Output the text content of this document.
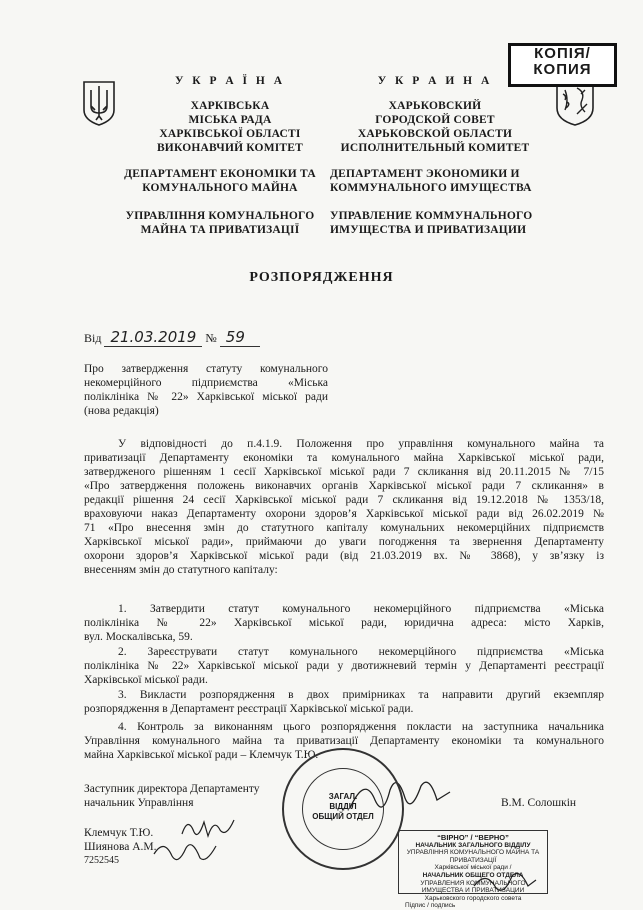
КОПІЯ/
КОПИЯ
У К Р А Ї Н А
ХАРКІВСЬКА
МІСЬКА РАДА
ХАРКІВСЬКОЇ ОБЛАСТІ
ВИКОНАВЧИЙ КОМІТЕТ
ДЕПАРТАМЕНТ ЕКОНОМІКИ ТА
КОМУНАЛЬНОГО МАЙНА
УПРАВЛІННЯ КОМУНАЛЬНОГО
МАЙНА ТА ПРИВАТИЗАЦІЇ
У К Р А И Н А
ХАРЬКОВСКИЙ
ГОРОДСКОЙ СОВЕТ
ХАРЬКОВСКОЙ ОБЛАСТИ
ИСПОЛНИТЕЛЬНЫЙ КОМИТЕТ
ДЕПАРТАМЕНТ ЭКОНОМИКИ И
КОММУНАЛЬНОГО ИМУЩЕСТВА
УПРАВЛЕНИЕ КОММУНАЛЬНОГО
ИМУЩЕСТВА И ПРИВАТИЗАЦИИ
РОЗПОРЯДЖЕННЯ
Від 21.03.2019 № 59
Про затвердження статуту комунального
некомерційного підприємства «Міська
поліклініка № 22» Харківської міської ради
(нова редакція)
У відповідності до п.4.1.9. Положення про управління комунального майна та
приватизації Департаменту економіки та комунального майна Харківської міської ради,
затвердженого рішенням 1 сесії Харківської міської ради 7 скликання від 20.11.2015 № 7/15
«Про затвердження положень виконавчих органів Харківської міської ради 7 скликання» в
редакції рішення 24 сесії Харківської міської ради 7 скликання від 19.12.2018 № 1353/18,
враховуючи наказ Департаменту охорони здоров’я Харківської міської ради від 26.02.2019 №
71 «Про внесення змін до статутного капіталу комунальних некомерційних підприємств
Харківської міської ради», приймаючи до уваги погодження та звернення Департаменту
охорони здоров’я Харківської міської ради (від 21.03.2019 вх. № 3868), у зв’язку із
внесенням змін до статутного капіталу:
1. Затвердити статут комунального некомерційного підприємства «Міська
поліклініка № 22» Харківської міської ради, юридична адреса: місто Харків,
вул. Москалівська, 59.
2. Зареєструвати статут комунального некомерційного підприємства «Міська
поліклініка № 22» Харківської міської ради у двотижневий термін у Департаменті реєстрації
Харківської міської ради.
3. Викласти розпорядження в двох примірниках та направити другий екземпляр
розпорядження в Департамент реєстрації Харківської міської ради.
4. Контроль за виконанням цього розпорядження покласти на заступника начальника
Управління комунального майна та приватизації Департаменту економіки та комунального
майна Харківської міської ради – Клемчук Т.Ю.
Заступник директора Департаменту
начальник Управління	В.М. Солошкін
Клемчук Т.Ю.
Шиянова А.М.
7252545
ЗАГАЛ.
ВІДДІЛ
ОБЩИЙ ОТДЕЛ
“ВІРНО” / “ВЕРНО”
НАЧАЛЬНИК ЗАГАЛЬНОГО ВІДДІЛУ
УПРАВЛІННЯ КОМУНАЛЬНОГО МАЙНА ТА ПРИВАТИЗАЦІЇ
Харківської міської ради /
НАЧАЛЬНИК ОБЩЕГО ОТДЕЛА
УПРАВЛЕНИЯ КОММУНАЛЬНОГО ИМУЩЕСТВА И ПРИВАТИЗАЦИИ
Харьковского городского совета
Підпис / подпись
